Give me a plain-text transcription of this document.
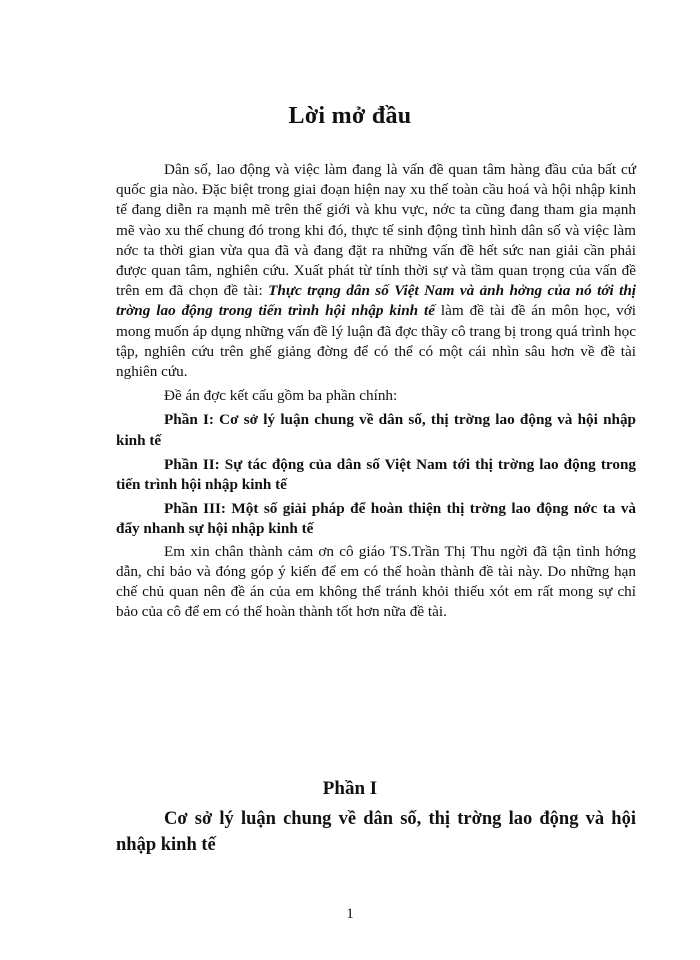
Lời mở đầu

Dân số, lao động và việc làm đang là vấn đề quan tâm hàng đầu của bất cứ quốc gia nào. Đặc biệt trong giai đoạn hiện nay xu thế toàn cầu hoá và hội nhập kinh tế đang diễn ra mạnh mẽ trên thế giới và khu vực, nớc ta cũng đang tham gia mạnh mẽ vào xu thế chung đó trong khi đó, thực tế sinh động tình hình dân số và việc làm nớc ta thời gian vừa qua đã và đang đặt ra những vấn đề hết sức nan giải cần phải được quan tâm, nghiên cứu. Xuất phát từ tính thời sự và tầm quan trọng của vấn đề trên em đã chọn đề tài: Thực trạng dân số Việt Nam và ảnh hởng của nó tới thị trờng lao động trong tiến trình hội nhập kinh tế làm đề tài đề án môn học, với mong muốn áp dụng những vấn đề lý luận đã đợc thầy cô trang bị trong quá trình học tập, nghiên cứu trên ghế giảng đờng để có thể có một cái nhìn sâu hơn về đề tài nghiên cứu.

Đề án đợc kết cấu gồm ba phần chính:

Phần I: Cơ sở lý luận chung về dân số, thị trờng lao động và hội nhập kinh tế

Phần II: Sự tác động của dân số Việt Nam tới thị trờng lao động trong tiến trình hội nhập kinh tế

Phần III: Một số giải pháp để hoàn thiện thị trờng lao động nớc ta và đẩy nhanh sự hội nhập kinh tế

Em xin chân thành cảm ơn cô giáo TS.Trần Thị Thu ngời đã tận tình hớng dẫn, chỉ bảo và đóng góp ý kiến để em có thể hoàn thành đề tài này. Do những hạn chế chủ quan nên đề án của em không thể tránh khỏi thiếu xót em rất mong sự chỉ bảo của cô để em có thể hoàn thành tốt hơn nữa đề tài.

Phần I
Cơ sở lý luận chung về dân số, thị trờng lao động và hội nhập kinh tế
1
